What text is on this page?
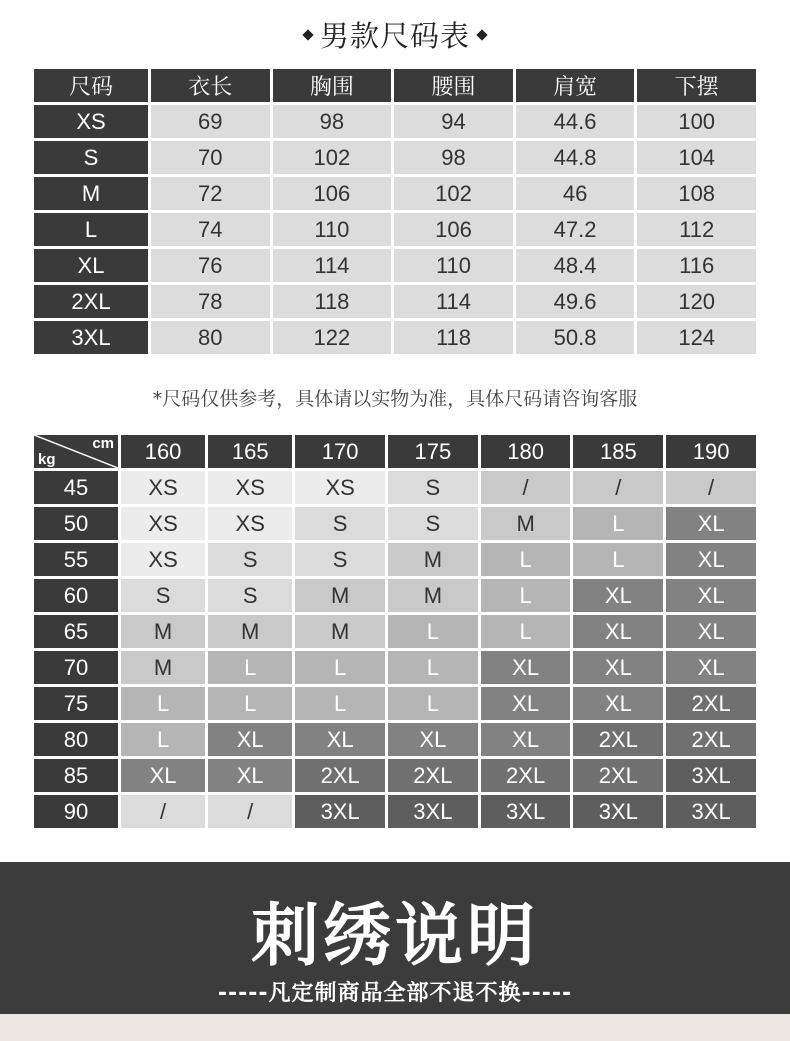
男款尺码表
尺码	衣长	胸围	腰围	肩宽	下摆
XS	69	98	94	44.6	100
S	70	102	98	44.8	104
M	72	106	102	46	108
L	74	110	106	47.2	112
XL	76	114	110	48.4	116
2XL	78	118	114	49.6	120
3XL	80	122	118	50.8	124
*尺码仅供参考，具体请以实物为准，具体尺码请咨询客服
cm
kg	160	165	170	175	180	185	190
45	XS	XS	XS	S	/	/	/
50	XS	XS	S	S	M	L	XL
55	XS	S	S	M	L	L	XL
60	S	S	M	M	L	XL	XL
65	M	M	M	L	L	XL	XL
70	M	L	L	L	XL	XL	XL
75	L	L	L	L	XL	XL	2XL
80	L	XL	XL	XL	XL	2XL	2XL
85	XL	XL	2XL	2XL	2XL	2XL	3XL
90	/	/	3XL	3XL	3XL	3XL	3XL
刺绣说明
-----凡定制商品全部不退不换-----
